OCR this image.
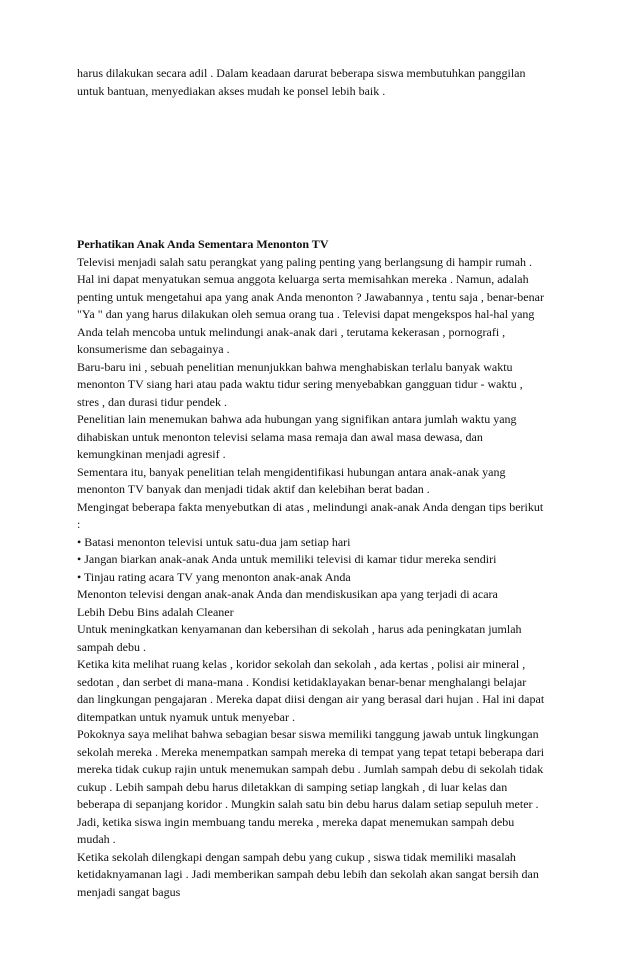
harus dilakukan secara adil . Dalam keadaan darurat beberapa siswa membutuhkan panggilan
untuk bantuan, menyediakan akses mudah ke ponsel lebih baik .
Perhatikan Anak Anda Sementara Menonton TV
Televisi menjadi salah satu perangkat yang paling penting yang berlangsung di hampir rumah .
Hal ini dapat menyatukan semua anggota keluarga serta memisahkan mereka . Namun, adalah
penting untuk mengetahui apa yang anak Anda menonton ? Jawabannya , tentu saja , benar-benar
"Ya " dan yang harus dilakukan oleh semua orang tua . Televisi dapat mengekspos hal-hal yang
Anda telah mencoba untuk melindungi anak-anak dari , terutama kekerasan , pornografi ,
konsumerisme dan sebagainya .
Baru-baru ini , sebuah penelitian menunjukkan bahwa menghabiskan terlalu banyak waktu
menonton TV siang hari atau pada waktu tidur sering menyebabkan gangguan tidur - waktu ,
stres , dan durasi tidur pendek .
Penelitian lain menemukan bahwa ada hubungan yang signifikan antara jumlah waktu yang
dihabiskan untuk menonton televisi selama masa remaja dan awal masa dewasa, dan
kemungkinan menjadi agresif .
Sementara itu, banyak penelitian telah mengidentifikasi hubungan antara anak-anak yang
menonton TV banyak dan menjadi tidak aktif dan kelebihan berat badan .
Mengingat beberapa fakta menyebutkan di atas , melindungi anak-anak Anda dengan tips berikut
:
• Batasi menonton televisi untuk satu-dua jam setiap hari
• Jangan biarkan anak-anak Anda untuk memiliki televisi di kamar tidur mereka sendiri
• Tinjau rating acara TV yang menonton anak-anak Anda
Menonton televisi dengan anak-anak Anda dan mendiskusikan apa yang terjadi di acara
Lebih Debu Bins adalah Cleaner
Untuk meningkatkan kenyamanan dan kebersihan di sekolah , harus ada peningkatan jumlah
sampah debu .
Ketika kita melihat ruang kelas , koridor sekolah dan sekolah , ada kertas , polisi air mineral ,
sedotan , dan serbet di mana-mana . Kondisi ketidaklayakan benar-benar menghalangi belajar
dan lingkungan pengajaran . Mereka dapat diisi dengan air yang berasal dari hujan . Hal ini dapat
ditempatkan untuk nyamuk untuk menyebar .
Pokoknya saya melihat bahwa sebagian besar siswa memiliki tanggung jawab untuk lingkungan
sekolah mereka . Mereka menempatkan sampah mereka di tempat yang tepat tetapi beberapa dari
mereka tidak cukup rajin untuk menemukan sampah debu . Jumlah sampah debu di sekolah tidak
cukup . Lebih sampah debu harus diletakkan di samping setiap langkah , di luar kelas dan
beberapa di sepanjang koridor . Mungkin salah satu bin debu harus dalam setiap sepuluh meter .
Jadi, ketika siswa ingin membuang tandu mereka , mereka dapat menemukan sampah debu
mudah .
Ketika sekolah dilengkapi dengan sampah debu yang cukup , siswa tidak memiliki masalah
ketidaknyamanan lagi . Jadi memberikan sampah debu lebih dan sekolah akan sangat bersih dan
menjadi sangat bagus
